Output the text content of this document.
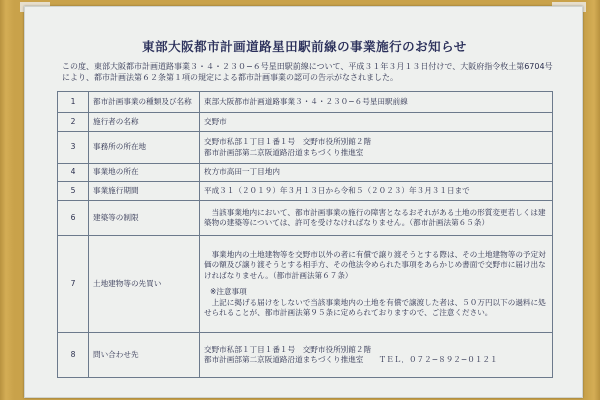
東部大阪都市計画道路星田駅前線の事業施行のお知らせ

この度、東部大阪都市計画道路事業３・４・２３０−６号星田駅前線について、平成３１年３月１３日付けで、大阪府指令枚土第6704号により、都市計画法第６２条第１項の規定による都市計画事業の認可の告示がなされました。

1	都市計画事業の種類及び名称	東部大阪都市計画道路事業３・４・２３０−６号星田駅前線

2	施行者の名称	交野市

3	事務所の所在地	交野市私部１丁目１番１号　交野市役所別館２階
都市計画部第二京阪道路沿道まちづくり推進室

4	事業地の所在	枚方市高田一丁目地内

5	事業施行期間	平成３１（２０１９）年３月１３日から令和５（２０２３）年３月３１日まで

6	建築等の制限	当該事業地内において、都市計画事業の施行の障害となるおそれがある土地の形質変更若しくは建築物の建築等については、許可を受けなければなりません。（都市計画法第６５条）

7	土地建物等の先買い	事業地内の土地建物等を交野市以外の者に有償で譲り渡そうとする際は、その土地建物等の予定対価の額及び譲り渡そうとする相手方、その他法令められた事項をあらかじめ書面で交野市に届け出なければなりません。（都市計画法第６７条）
※注意事項
上記に掲げる届けをしないで当該事業地内の土地を有償で譲渡した者は、５０万円以下の過料に処せられることが、都市計画法第９５条に定められておりますので、ご注意ください。

8	問い合わせ先	交野市私部１丁目１番１号　交野市役所別館２階
都市計画部第二京阪道路沿道まちづくり推進室　　ＴＥＬ．０７２−８９２−０１２１
